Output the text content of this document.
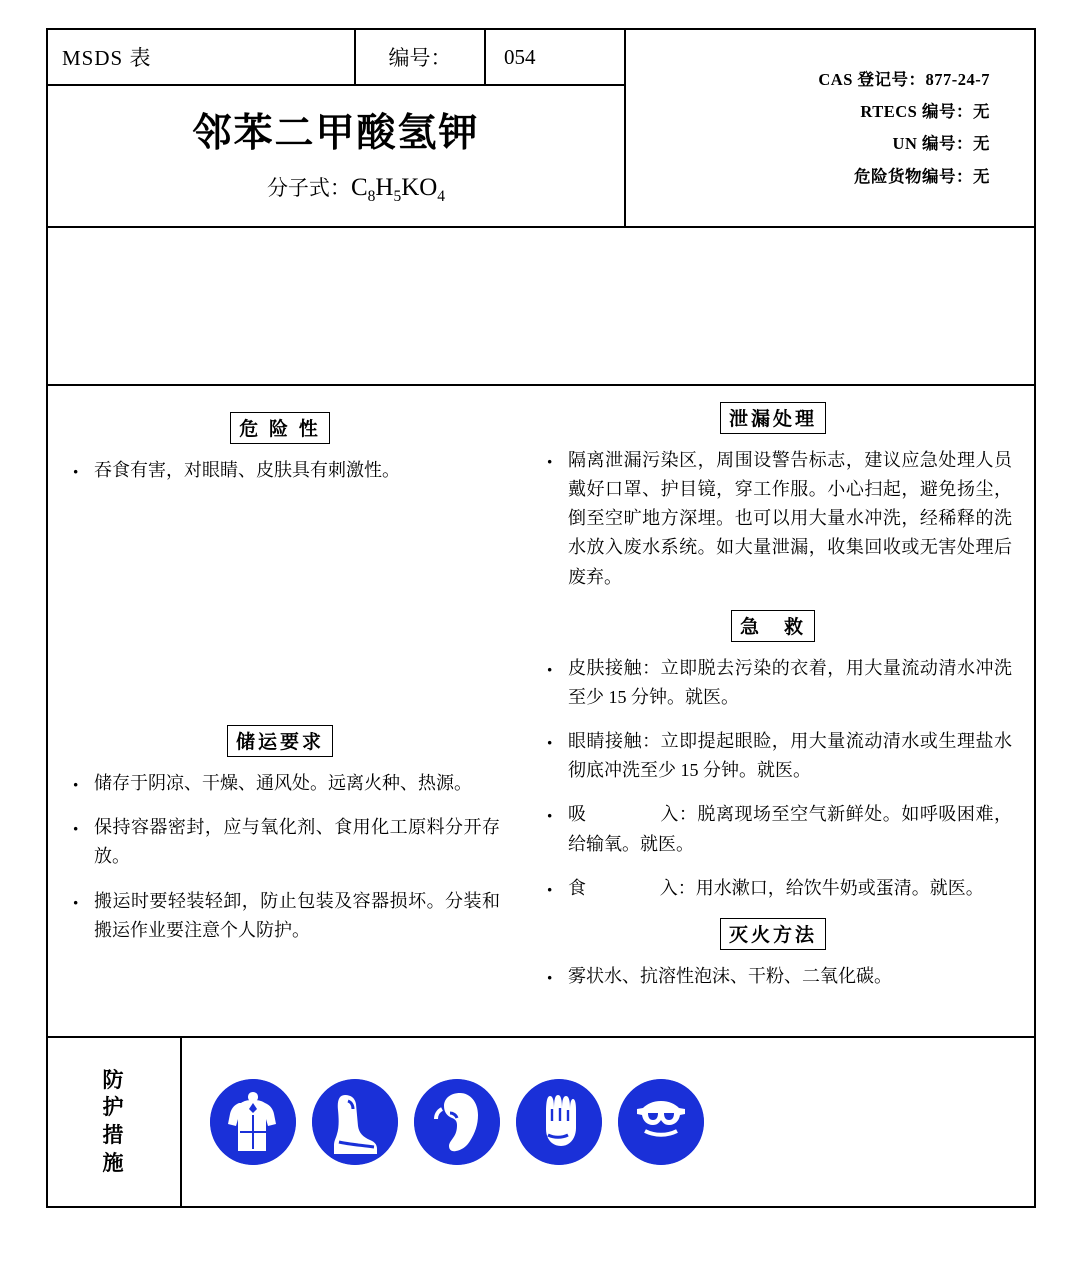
MSDS 表	编号：	054
邻苯二甲酸氢钾
分子式：$C_8H_5KO_4$
CAS 登记号：877-24-7
RTECS 编号：无
UN 编号：无
危险货物编号：无
危 险 性
· 吞食有害，对眼睛、皮肤具有刺激性。
储运要求
· 储存于阴凉、干燥、通风处。远离火种、热源。
· 保持容器密封，应与氧化剂、食用化工原料分开存放。
· 搬运时要轻装轻卸，防止包装及容器损坏。分装和搬运作业要注意个人防护。
泄漏处理
· 隔离泄漏污染区，周围设警告标志，建议应急处理人员戴好口罩、护目镜，穿工作服。小心扫起，避免扬尘，倒至空旷地方深埋。也可以用大量水冲洗，经稀释的洗水放入废水系统。如大量泄漏，收集回收或无害处理后废弃。
急　救
· 皮肤接触：立即脱去污染的衣着，用大量流动清水冲洗至少 15 分钟。就医。
· 眼睛接触：立即提起眼睑，用大量流动清水或生理盐水彻底冲洗至少 15 分钟。就医。
· 吸	入：脱离现场至空气新鲜处。如呼吸困难，给输氧。就医。
· 食	入：用水漱口，给饮牛奶或蛋清。就医。
灭火方法
· 雾状水、抗溶性泡沫、干粉、二氧化碳。
防护措施
